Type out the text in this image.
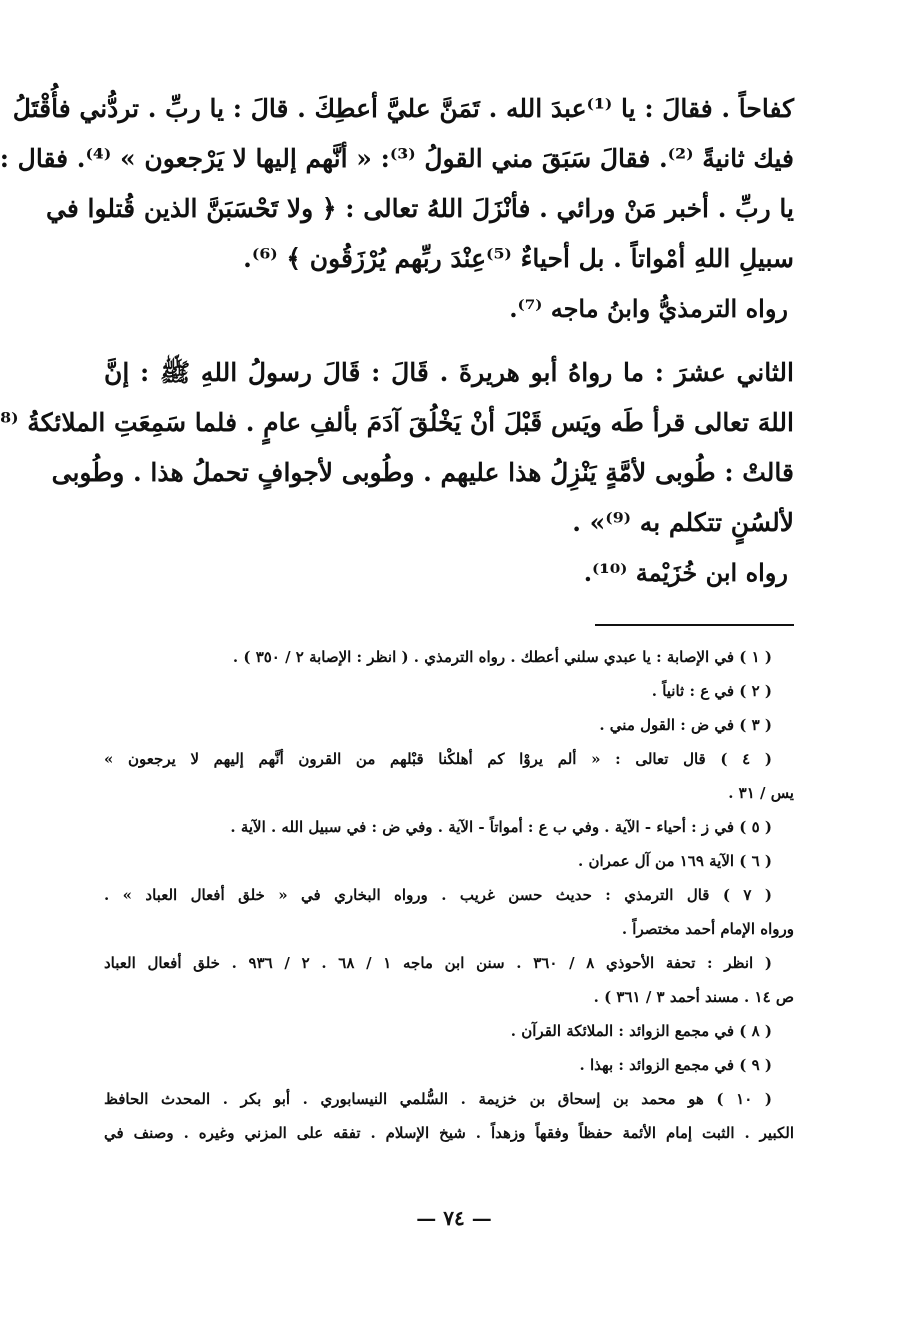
كفاحاً . فقالَ : يا ⁽¹⁾عبدَ الله . تَمَنَّ عليَّ أعطِكَ . قالَ : يا ربِّ . تردُّني فأُقْتَلُ
فيك ثانيةً ⁽²⁾. فقالَ سَبَقَ مني القولُ ⁽³⁾: « أنَّهم إليها لا يَرْجعون » ⁽⁴⁾. فقال :
يا ربِّ . أخبر مَنْ ورائي . فأنْزَلَ اللهُ تعالى : ﴿ ولا تَحْسَبَنَّ الذين قُتلوا في
سبيلِ اللهِ أمْواتاً . بل أحياءٌ ⁽⁵⁾عِنْدَ ربِّهم يُرْزَقُون ﴾ ⁽⁶⁾.
رواه الترمذيُّ وابنُ ماجه ⁽⁷⁾.
الثاني عشرَ : ما رواهُ أبو هريرةَ . قَالَ : قَالَ رسولُ اللهِ ﷺ : إنَّ
اللهَ تعالى قرأ طَه ويَس قَبْلَ أنْ يَخْلُقَ آدَمَ بألفِ عامٍ . فلما سَمِعَتِ الملائكةُ ⁽⁸
قالتْ : طُوبى لأمَّةٍ يَنْزِلُ هذا عليهم . وطُوبى لأجوافٍ تحملُ هذا . وطُوبى
لألسُنٍ تتكلم به ⁽⁹⁾» .
رواه ابن خُزَيْمة ⁽¹⁰⁾.
( ١ ) في الإصابة : يا عبدي سلني أعطك . رواه الترمذي . ( انظر : الإصابة ٢ / ٣٥٠ ) .
( ٢ ) في ع : ثانياً .
( ٣ ) في ض : القول مني .
( ٤ ) قال تعالى : « ألم يروْا كم أهلكْنا قبْلهم من القرون أنَّهم إليهم لا يرجعون »
يس / ٣١ .
( ٥ ) في ز : أحياء - الآية . وفي ب ع : أمواتاً - الآية . وفي ض : في سبيل الله . الآية .
( ٦ ) الآية ١٦٩ من آل عمران .
( ٧ ) قال الترمذي : حديث حسن غريب . ورواه البخاري في « خلق أفعال العباد » .
ورواه الإمام أحمد مختصراً .
( انظر : تحفة الأحوذي ٨ / ٣٦٠ . سنن ابن ماجه ١ / ٦٨ . ٢ / ٩٣٦ . خلق أفعال العباد
ص ١٤ . مسند أحمد ٣ / ٣٦١ ) .
( ٨ ) في مجمع الزوائد : الملائكة القرآن .
( ٩ ) في مجمع الزوائد : بهذا .
( ١٠ ) هو محمد بن إسحاق بن خزيمة . السُّلمي النيسابوري . أبو بكر . المحدث الحافظ
الكبير . الثبت إمام الأئمة حفظاً وفقهاً وزهداً . شيخ الإسلام . تفقه على المزني وغيره . وصنف في
— ٧٤ —
